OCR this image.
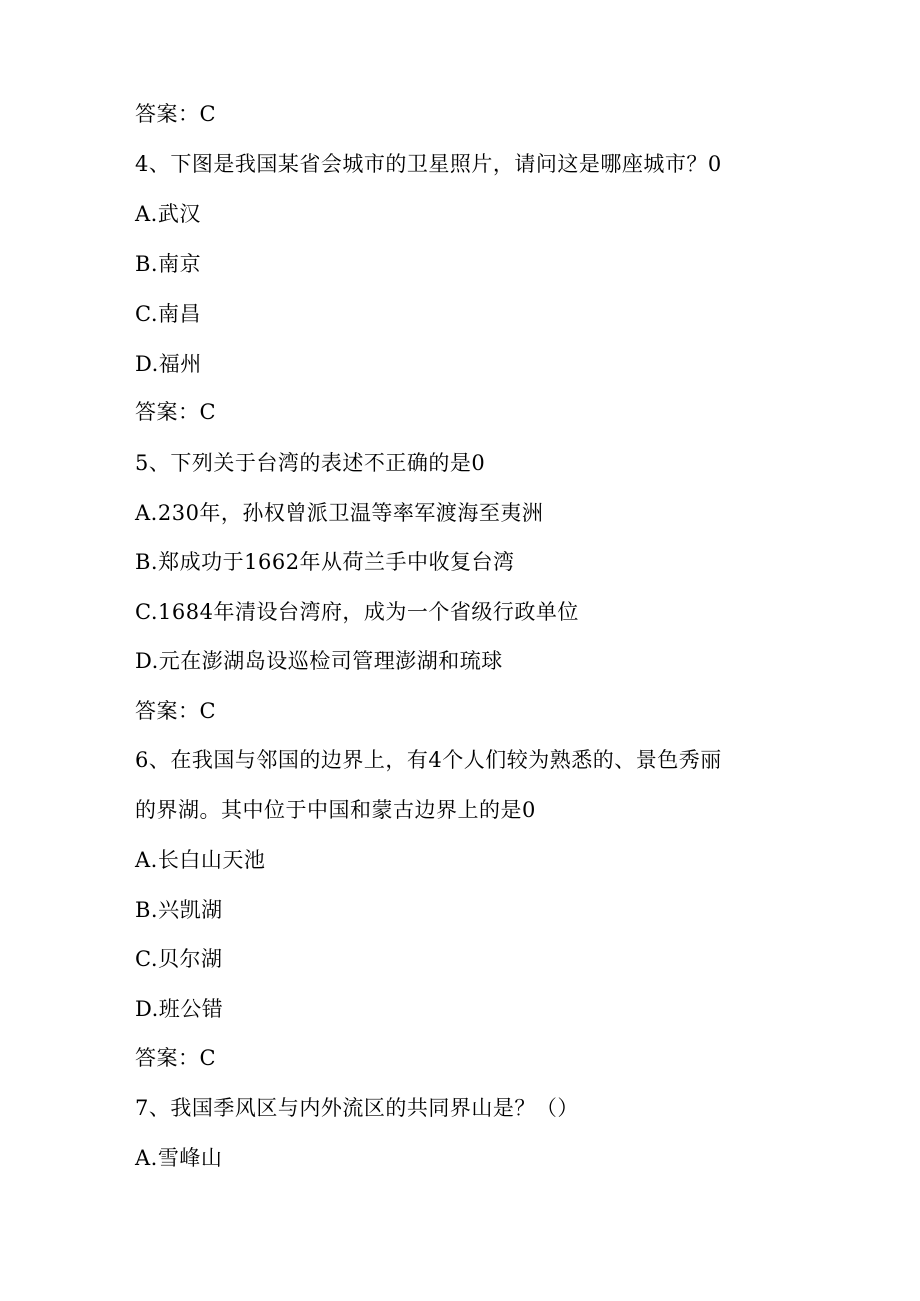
答案：C
4、下图是我国某省会城市的卫星照片，请问这是哪座城市？0
A.武汉
B.南京
C.南昌
D.福州
答案：C
5、下列关于台湾的表述不正确的是0
A.230年，孙权曾派卫温等率军渡海至夷洲
B.郑成功于1662年从荷兰手中收复台湾
C.1684年清设台湾府，成为一个省级行政单位
D.元在澎湖岛设巡检司管理澎湖和琉球
答案：C
6、在我国与邻国的边界上，有4个人们较为熟悉的、景色秀丽
的界湖。其中位于中国和蒙古边界上的是0
A.长白山天池
B.兴凯湖
C.贝尔湖
D.班公错
答案：C
7、我国季风区与内外流区的共同界山是？（）
A.雪峰山
